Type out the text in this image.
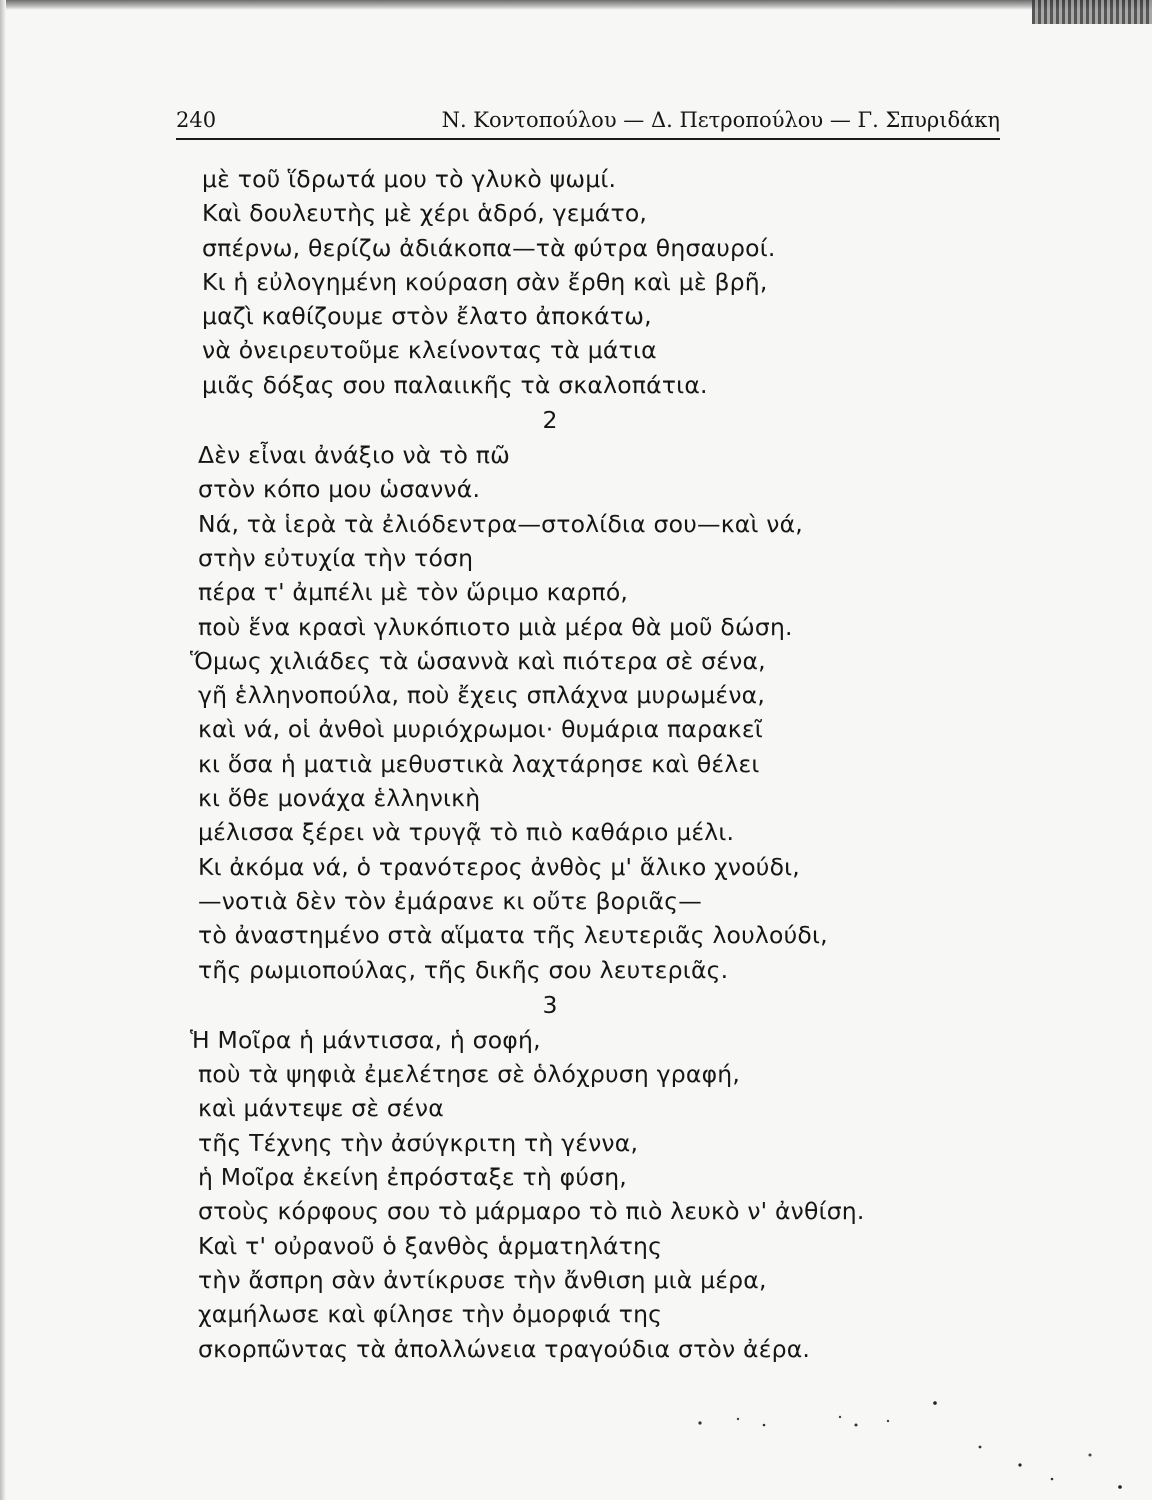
240	Ν. Κοντοπούλου — Δ. Πετροπούλου — Γ. Σπυριδάκη
μὲ τοῦ ἵδρωτά μου τὸ γλυκὸ ψωμί.
Καὶ δουλευτὴς μὲ χέρι ἁδρό, γεμάτο,
σπέρνω, θερίζω ἀδιάκοπα—τὰ φύτρα θησαυροί.
Κι ἡ εὐλογημένη κούραση σὰν ἔρθη καὶ μὲ βρῆ,
μαζὶ καθίζουμε στὸν ἔλατο ἀποκάτω,
νὰ ὀνειρευτοῦμε κλείνοντας τὰ μάτια
μιᾶς δόξας σου παλαιικῆς τὰ σκαλοπάτια.
2
Δὲν εἶναι ἀνάξιο νὰ τὸ πῶ
στὸν κόπο μου ὡσαννά.
Νά, τὰ ἱερὰ τὰ ἐλιόδεντρα—στολίδια σου—καὶ νά,
στὴν εὐτυχία τὴν τόση
πέρα τ' ἀμπέλι μὲ τὸν ὥριμο καρπό,
ποὺ ἕνα κρασὶ γλυκόπιοτο μιὰ μέρα θὰ μοῦ δώση.
Ὅμως χιλιάδες τὰ ὡσαννὰ καὶ πιότερα σὲ σένα,
γῆ ἑλληνοπούλα, ποὺ ἔχεις σπλάχνα μυρωμένα,
καὶ νά, οἱ ἀνθοὶ μυριόχρωμοι· θυμάρια παρακεῖ
κι ὅσα ἡ ματιὰ μεθυστικὰ λαχτάρησε καὶ θέλει
κι ὅθε μονάχα ἑλληνικὴ
μέλισσα ξέρει νὰ τρυγᾷ τὸ πιὸ καθάριο μέλι.
Κι ἀκόμα νά, ὁ τρανότερος ἀνθὸς μ' ἅλικο χνούδι,
—νοτιὰ δὲν τὸν ἐμάρανε κι οὔτε βοριᾶς—
τὸ ἀναστημένο στὰ αἵματα τῆς λευτεριᾶς λουλούδι,
τῆς ρωμιοπούλας, τῆς δικῆς σου λευτεριᾶς.
3
Ἡ Μοῖρα ἡ μάντισσα, ἡ σοφή,
ποὺ τὰ ψηφιὰ ἐμελέτησε σὲ ὁλόχρυση γραφή,
καὶ μάντεψε σὲ σένα
τῆς Τέχνης τὴν ἀσύγκριτη τὴ γέννα,
ἡ Μοῖρα ἐκείνη ἐπρόσταξε τὴ φύση,
στοὺς κόρφους σου τὸ μάρμαρο τὸ πιὸ λευκὸ ν' ἀνθίση.
Καὶ τ' οὐρανοῦ ὁ ξανθὸς ἁρματηλάτης
τὴν ἄσπρη σὰν ἀντίκρυσε τὴν ἄνθιση μιὰ μέρα,
χαμήλωσε καὶ φίλησε τὴν ὀμορφιά της
σκορπῶντας τὰ ἀπολλώνεια τραγούδια στὸν ἀέρα.
